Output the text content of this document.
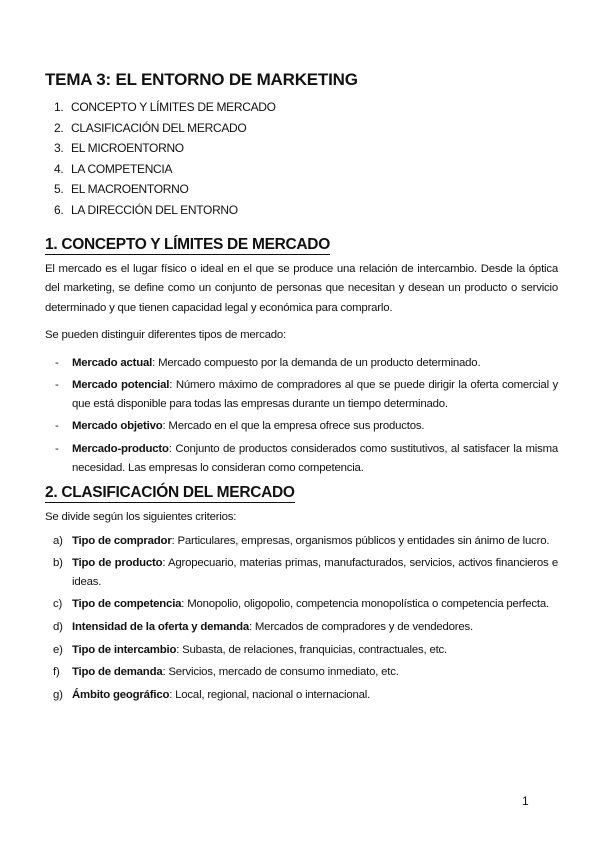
TEMA 3: EL ENTORNO DE MARKETING
1. CONCEPTO Y LÍMITES DE MERCADO
2. CLASIFICACIÓN DEL MERCADO
3. EL MICROENTORNO
4. LA COMPETENCIA
5. EL MACROENTORNO
6. LA DIRECCIÓN DEL ENTORNO
1. CONCEPTO Y LÍMITES DE MERCADO

El mercado es el lugar físico o ideal en el que se produce una relación de intercambio. Desde la óptica del marketing, se define como un conjunto de personas que necesitan y desean un producto o servicio determinado y que tienen capacidad legal y económica para comprarlo.

Se pueden distinguir diferentes tipos de mercado:

- Mercado actual: Mercado compuesto por la demanda de un producto determinado.
- Mercado potencial: Número máximo de compradores al que se puede dirigir la oferta comercial y que está disponible para todas las empresas durante un tiempo determinado.
- Mercado objetivo: Mercado en el que la empresa ofrece sus productos.
- Mercado-producto: Conjunto de productos considerados como sustitutivos, al satisfacer la misma necesidad. Las empresas lo consideran como competencia.
2. CLASIFICACIÓN DEL MERCADO

Se divide según los siguientes criterios:

a) Tipo de comprador: Particulares, empresas, organismos públicos y entidades sin ánimo de lucro.
b) Tipo de producto: Agropecuario, materias primas, manufacturados, servicios, activos financieros e ideas.
c) Tipo de competencia: Monopolio, oligopolio, competencia monopolística o competencia perfecta.
d) Intensidad de la oferta y demanda: Mercados de compradores y de vendedores.
e) Tipo de intercambio: Subasta, de relaciones, franquicias, contractuales, etc.
f) Tipo de demanda: Servicios, mercado de consumo inmediato, etc.
g) Ámbito geográfico: Local, regional, nacional o internacional.
1
